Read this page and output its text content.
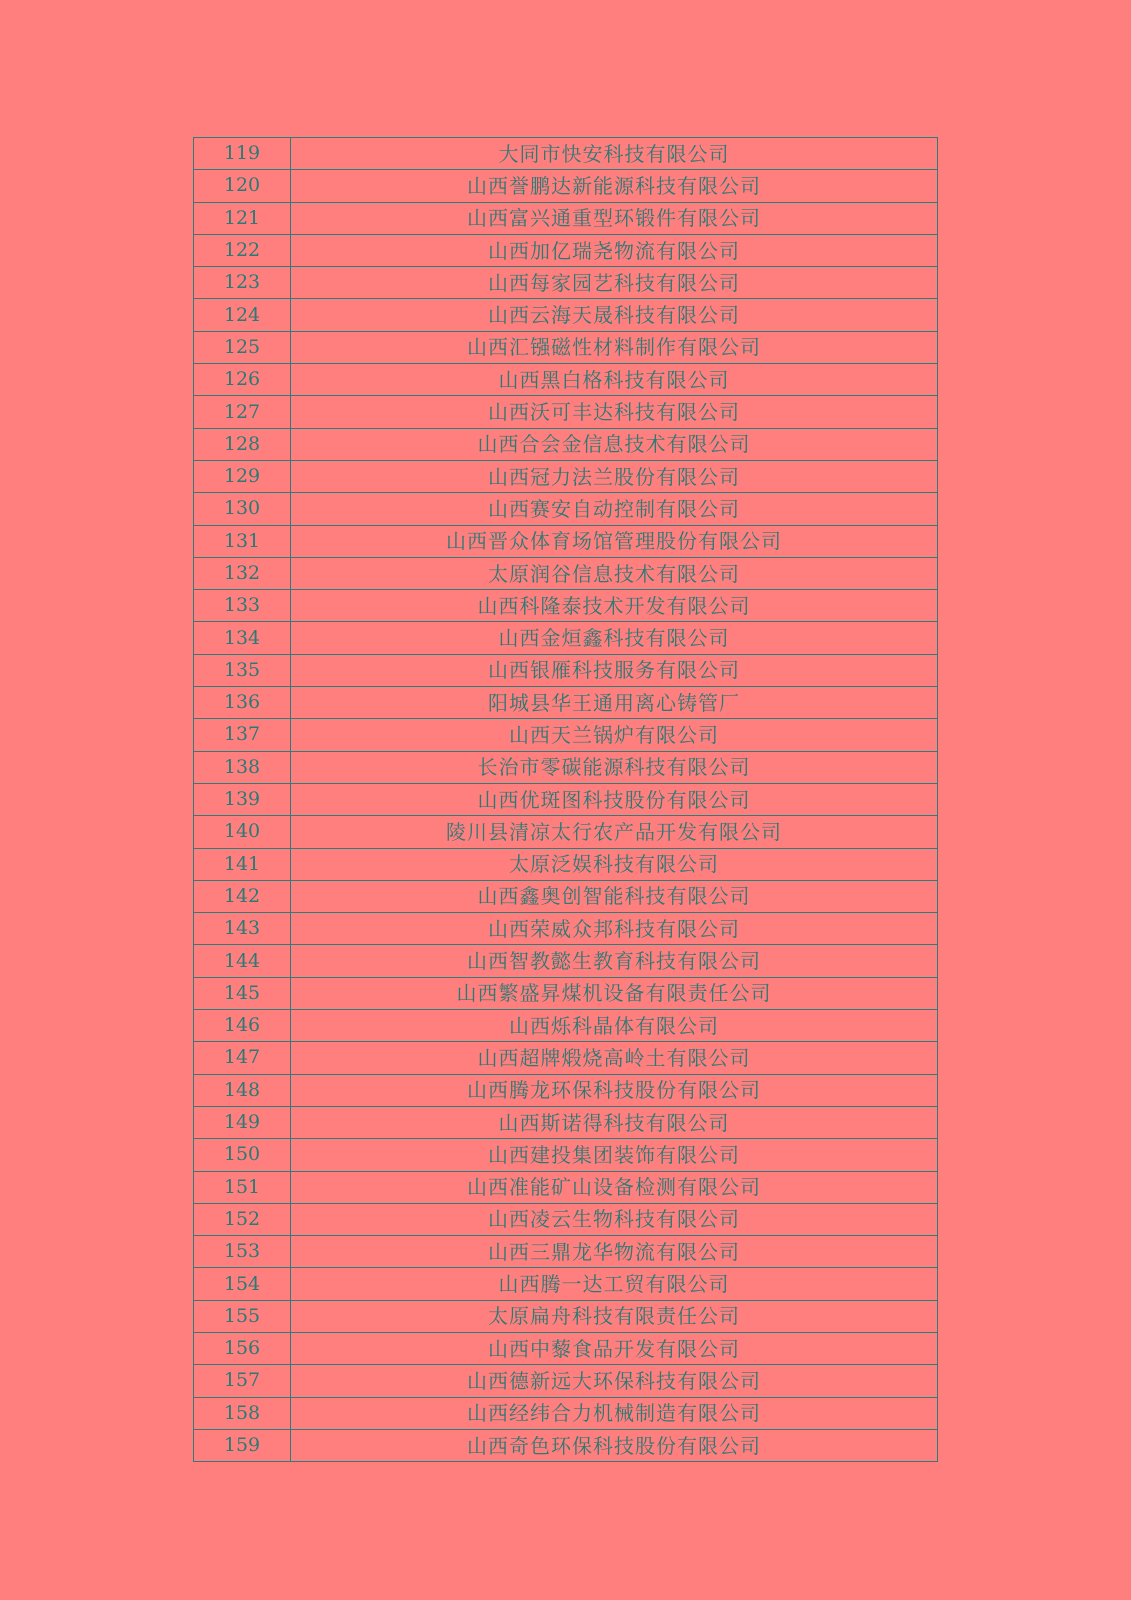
119	大同市快安科技有限公司
120	山西誉鹏达新能源科技有限公司
121	山西富兴通重型环锻件有限公司
122	山西加亿瑞尧物流有限公司
123	山西每家园艺科技有限公司
124	山西云海天晟科技有限公司
125	山西汇镪磁性材料制作有限公司
126	山西黑白格科技有限公司
127	山西沃可丰达科技有限公司
128	山西合会金信息技术有限公司
129	山西冠力法兰股份有限公司
130	山西赛安自动控制有限公司
131	山西晋众体育场馆管理股份有限公司
132	太原润谷信息技术有限公司
133	山西科隆泰技术开发有限公司
134	山西金烜鑫科技有限公司
135	山西银雁科技服务有限公司
136	阳城县华王通用离心铸管厂
137	山西天兰锅炉有限公司
138	长治市零碳能源科技有限公司
139	山西优斑图科技股份有限公司
140	陵川县清凉太行农产品开发有限公司
141	太原泛娱科技有限公司
142	山西鑫奥创智能科技有限公司
143	山西荣威众邦科技有限公司
144	山西智教懿生教育科技有限公司
145	山西繁盛昇煤机设备有限责任公司
146	山西烁科晶体有限公司
147	山西超牌煅烧高岭土有限公司
148	山西腾龙环保科技股份有限公司
149	山西斯诺得科技有限公司
150	山西建投集团装饰有限公司
151	山西准能矿山设备检测有限公司
152	山西凌云生物科技有限公司
153	山西三鼎龙华物流有限公司
154	山西腾一达工贸有限公司
155	太原扁舟科技有限责任公司
156	山西中藜食品开发有限公司
157	山西德新远大环保科技有限公司
158	山西经纬合力机械制造有限公司
159	山西奇色环保科技股份有限公司
